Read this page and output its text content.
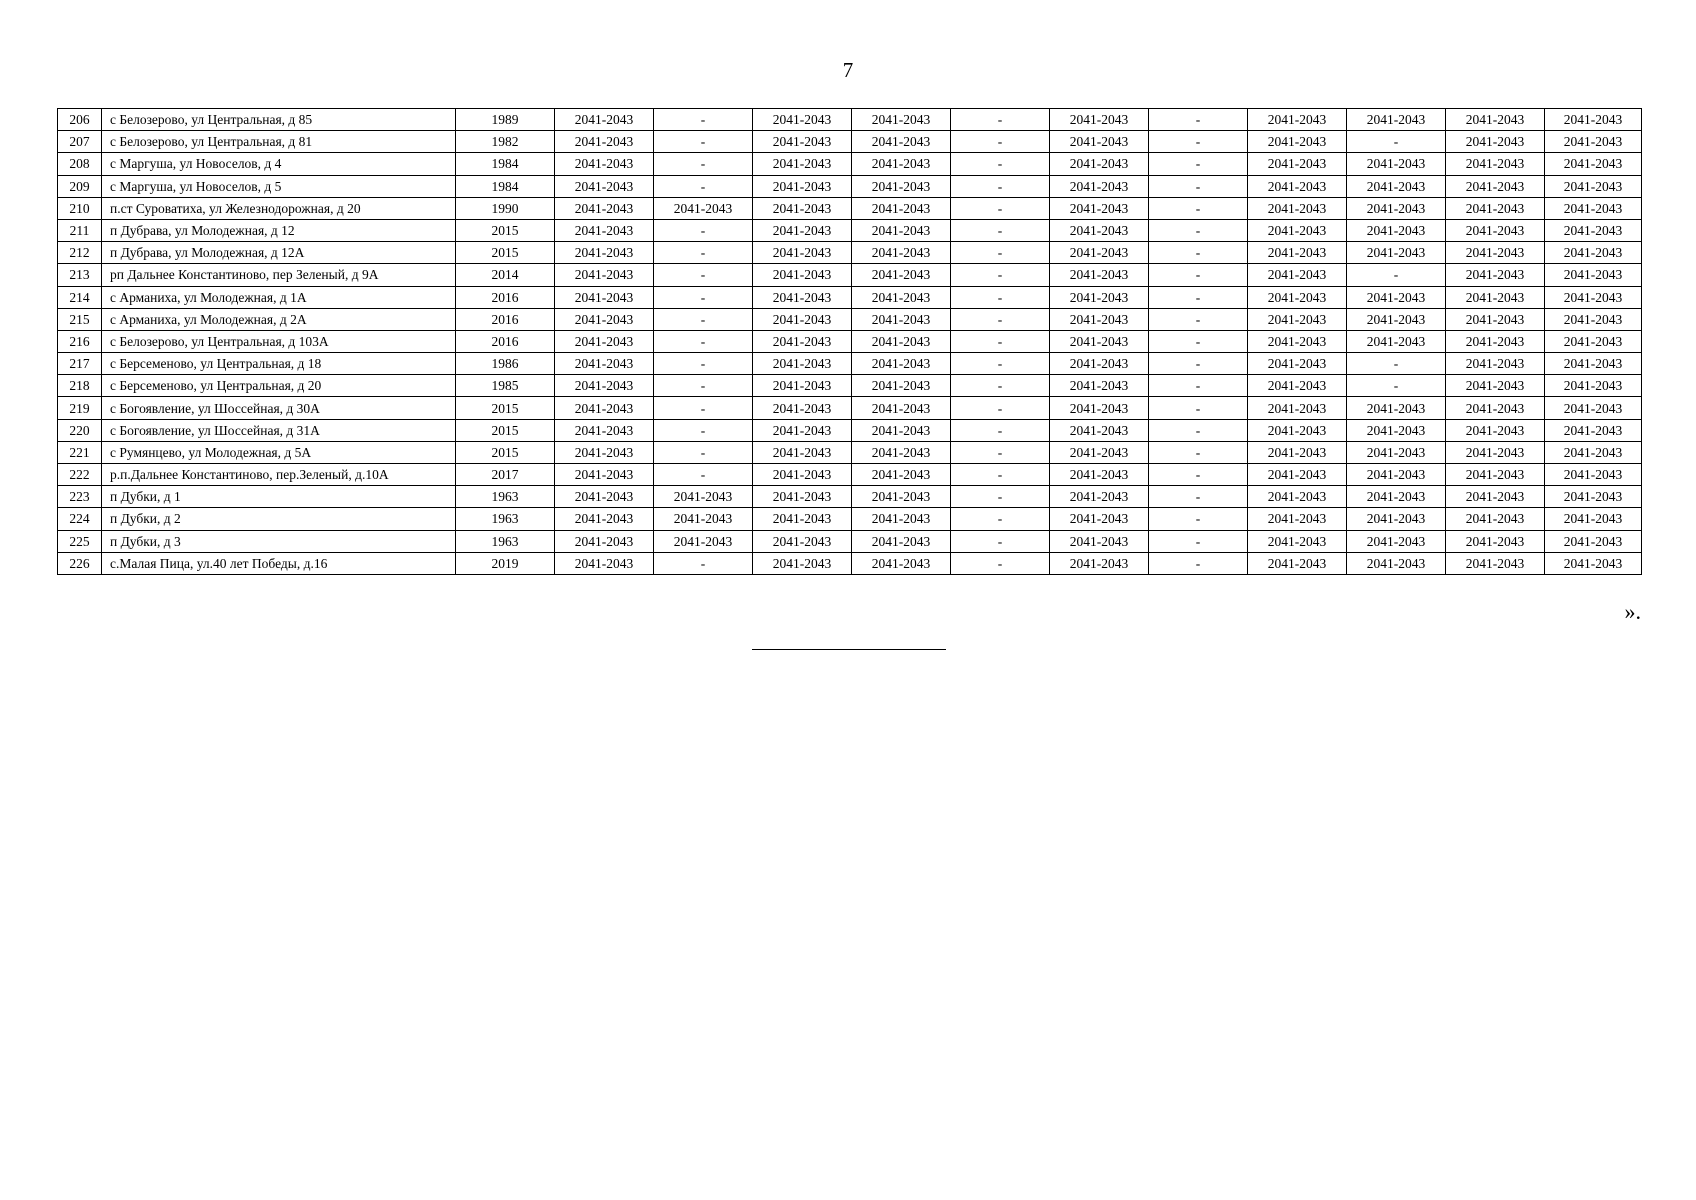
7
206	с Белозерово, ул Центральная, д 85	1989	2041-2043	-	2041-2043	2041-2043	-	2041-2043	-	2041-2043	2041-2043	2041-2043	2041-2043
207	с Белозерово, ул Центральная, д 81	1982	2041-2043	-	2041-2043	2041-2043	-	2041-2043	-	2041-2043	-	2041-2043	2041-2043
208	с Маргуша, ул Новоселов, д 4	1984	2041-2043	-	2041-2043	2041-2043	-	2041-2043	-	2041-2043	2041-2043	2041-2043	2041-2043
209	с Маргуша, ул Новоселов, д 5	1984	2041-2043	-	2041-2043	2041-2043	-	2041-2043	-	2041-2043	2041-2043	2041-2043	2041-2043
210	п.ст Суроватиха, ул Железнодорожная, д 20	1990	2041-2043	2041-2043	2041-2043	2041-2043	-	2041-2043	-	2041-2043	2041-2043	2041-2043	2041-2043
211	п Дубрава, ул Молодежная, д 12	2015	2041-2043	-	2041-2043	2041-2043	-	2041-2043	-	2041-2043	2041-2043	2041-2043	2041-2043
212	п Дубрава, ул Молодежная, д 12А	2015	2041-2043	-	2041-2043	2041-2043	-	2041-2043	-	2041-2043	2041-2043	2041-2043	2041-2043
213	рп Дальнее Константиново, пер Зеленый, д 9А	2014	2041-2043	-	2041-2043	2041-2043	-	2041-2043	-	2041-2043	-	2041-2043	2041-2043
214	с Арманиха, ул Молодежная, д 1А	2016	2041-2043	-	2041-2043	2041-2043	-	2041-2043	-	2041-2043	2041-2043	2041-2043	2041-2043
215	с Арманиха, ул Молодежная, д 2А	2016	2041-2043	-	2041-2043	2041-2043	-	2041-2043	-	2041-2043	2041-2043	2041-2043	2041-2043
216	с Белозерово, ул Центральная, д 103А	2016	2041-2043	-	2041-2043	2041-2043	-	2041-2043	-	2041-2043	2041-2043	2041-2043	2041-2043
217	с Берсеменово, ул Центральная, д 18	1986	2041-2043	-	2041-2043	2041-2043	-	2041-2043	-	2041-2043	-	2041-2043	2041-2043
218	с Берсеменово, ул Центральная, д 20	1985	2041-2043	-	2041-2043	2041-2043	-	2041-2043	-	2041-2043	-	2041-2043	2041-2043
219	с Богоявление, ул Шоссейная, д 30А	2015	2041-2043	-	2041-2043	2041-2043	-	2041-2043	-	2041-2043	2041-2043	2041-2043	2041-2043
220	с Богоявление, ул Шоссейная, д 31А	2015	2041-2043	-	2041-2043	2041-2043	-	2041-2043	-	2041-2043	2041-2043	2041-2043	2041-2043
221	с Румянцево, ул Молодежная, д 5А	2015	2041-2043	-	2041-2043	2041-2043	-	2041-2043	-	2041-2043	2041-2043	2041-2043	2041-2043
222	р.п.Дальнее Константиново, пер.Зеленый, д.10А	2017	2041-2043	-	2041-2043	2041-2043	-	2041-2043	-	2041-2043	2041-2043	2041-2043	2041-2043
223	п Дубки, д 1	1963	2041-2043	2041-2043	2041-2043	2041-2043	-	2041-2043	-	2041-2043	2041-2043	2041-2043	2041-2043
224	п Дубки, д 2	1963	2041-2043	2041-2043	2041-2043	2041-2043	-	2041-2043	-	2041-2043	2041-2043	2041-2043	2041-2043
225	п Дубки, д 3	1963	2041-2043	2041-2043	2041-2043	2041-2043	-	2041-2043	-	2041-2043	2041-2043	2041-2043	2041-2043
226	с.Малая Пица, ул.40 лет Победы, д.16	2019	2041-2043	-	2041-2043	2041-2043	-	2041-2043	-	2041-2043	2041-2043	2041-2043	2041-2043
».
